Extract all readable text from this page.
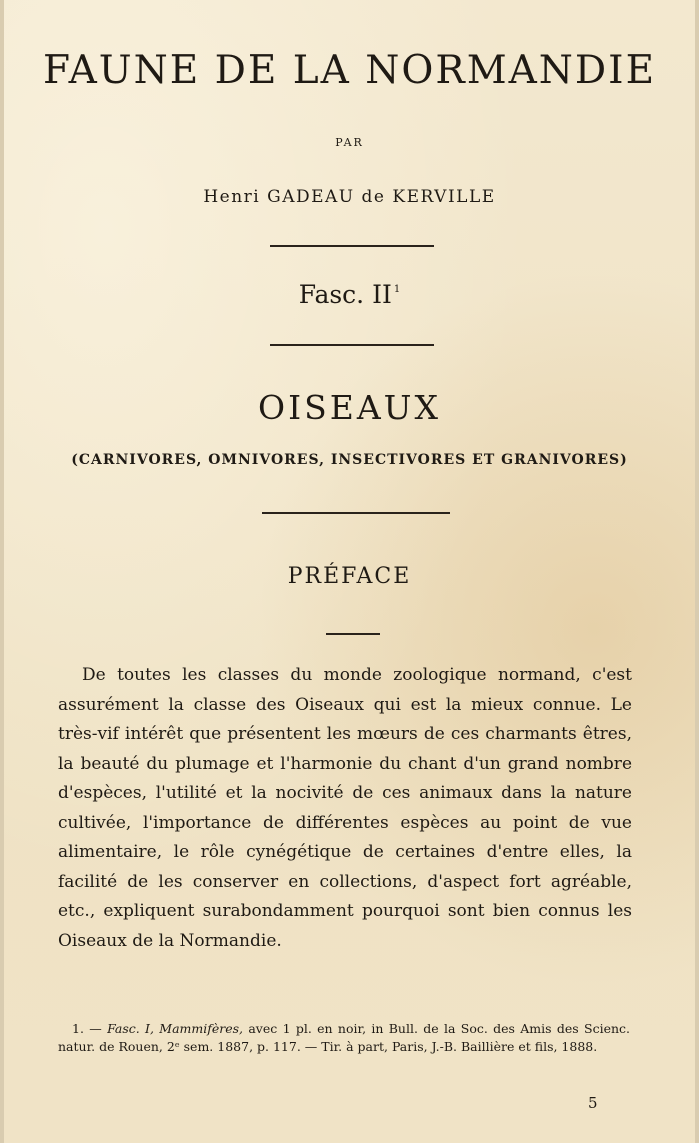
FAUNE DE LA NORMANDIE
PAR
Henri GADEAU de KERVILLE
Fasc. II $^1$
OISEAUX
(CARNIVORES, OMNIVORES, INSECTIVORES ET GRANIVORES)
PRÉFACE

De toutes les classes du monde zoologique normand, c'est assurément la classe des Oiseaux qui est la mieux connue. Le très-vif intérêt que présentent les mœurs de ces charmants êtres, la beauté du plumage et l'harmonie du chant d'un grand nombre d'espèces, l'utilité et la nocivité de ces animaux dans la nature cultivée, l'importance de différentes espèces au point de vue alimentaire, le rôle cynégétique de certaines d'entre elles, la facilité de les conserver en collections, d'aspect fort agréable, etc., expliquent surabondamment pourquoi sont bien connus les Oiseaux de la Normandie.

1. — Fasc. I, Mammifères, avec 1 pl. en noir, in Bull. de la Soc. des Amis des Scienc. natur. de Rouen, 2ᵉ sem. 1887, p. 117. — Tir. à part, Paris, J.-B. Baillière et fils, 1888.

5
